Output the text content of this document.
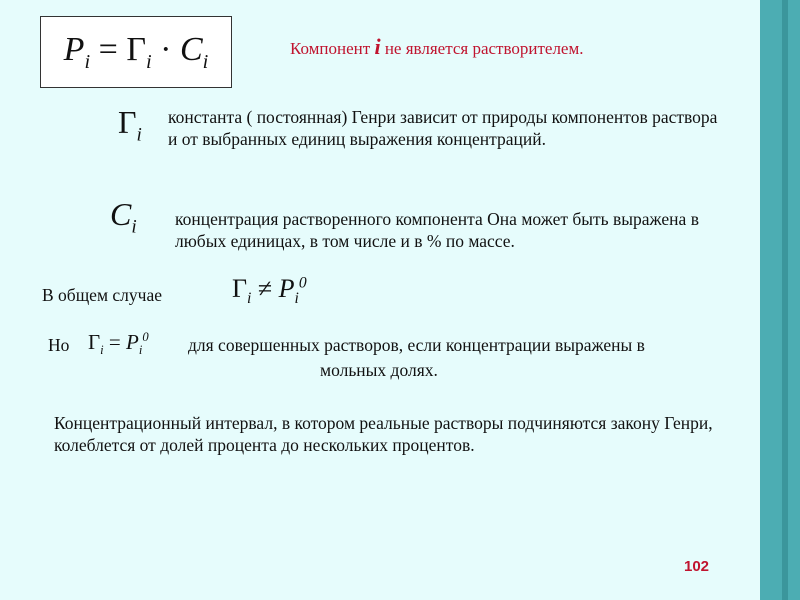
$P_i = \Gamma_i \cdot C_i$
Компонент i не является растворителем.
$\Gamma_i$
константа ( постоянная) Генри зависит от природы компонентов раствора и от выбранных единиц выражения концентраций.
$C_i$ концентрация растворенного компонента Она может быть выражена в любых единицах, в том числе и в % по массе.
В общем случае	$\Gamma_i \ne P_i^0$
Но $\Gamma_i = P_i^0$ для совершенных растворов, если концентрации выражены в
мольных долях.
Концентрационный интервал, в котором реальные растворы подчиняются закону Генри, колеблется от долей процента до нескольких процентов.
102
